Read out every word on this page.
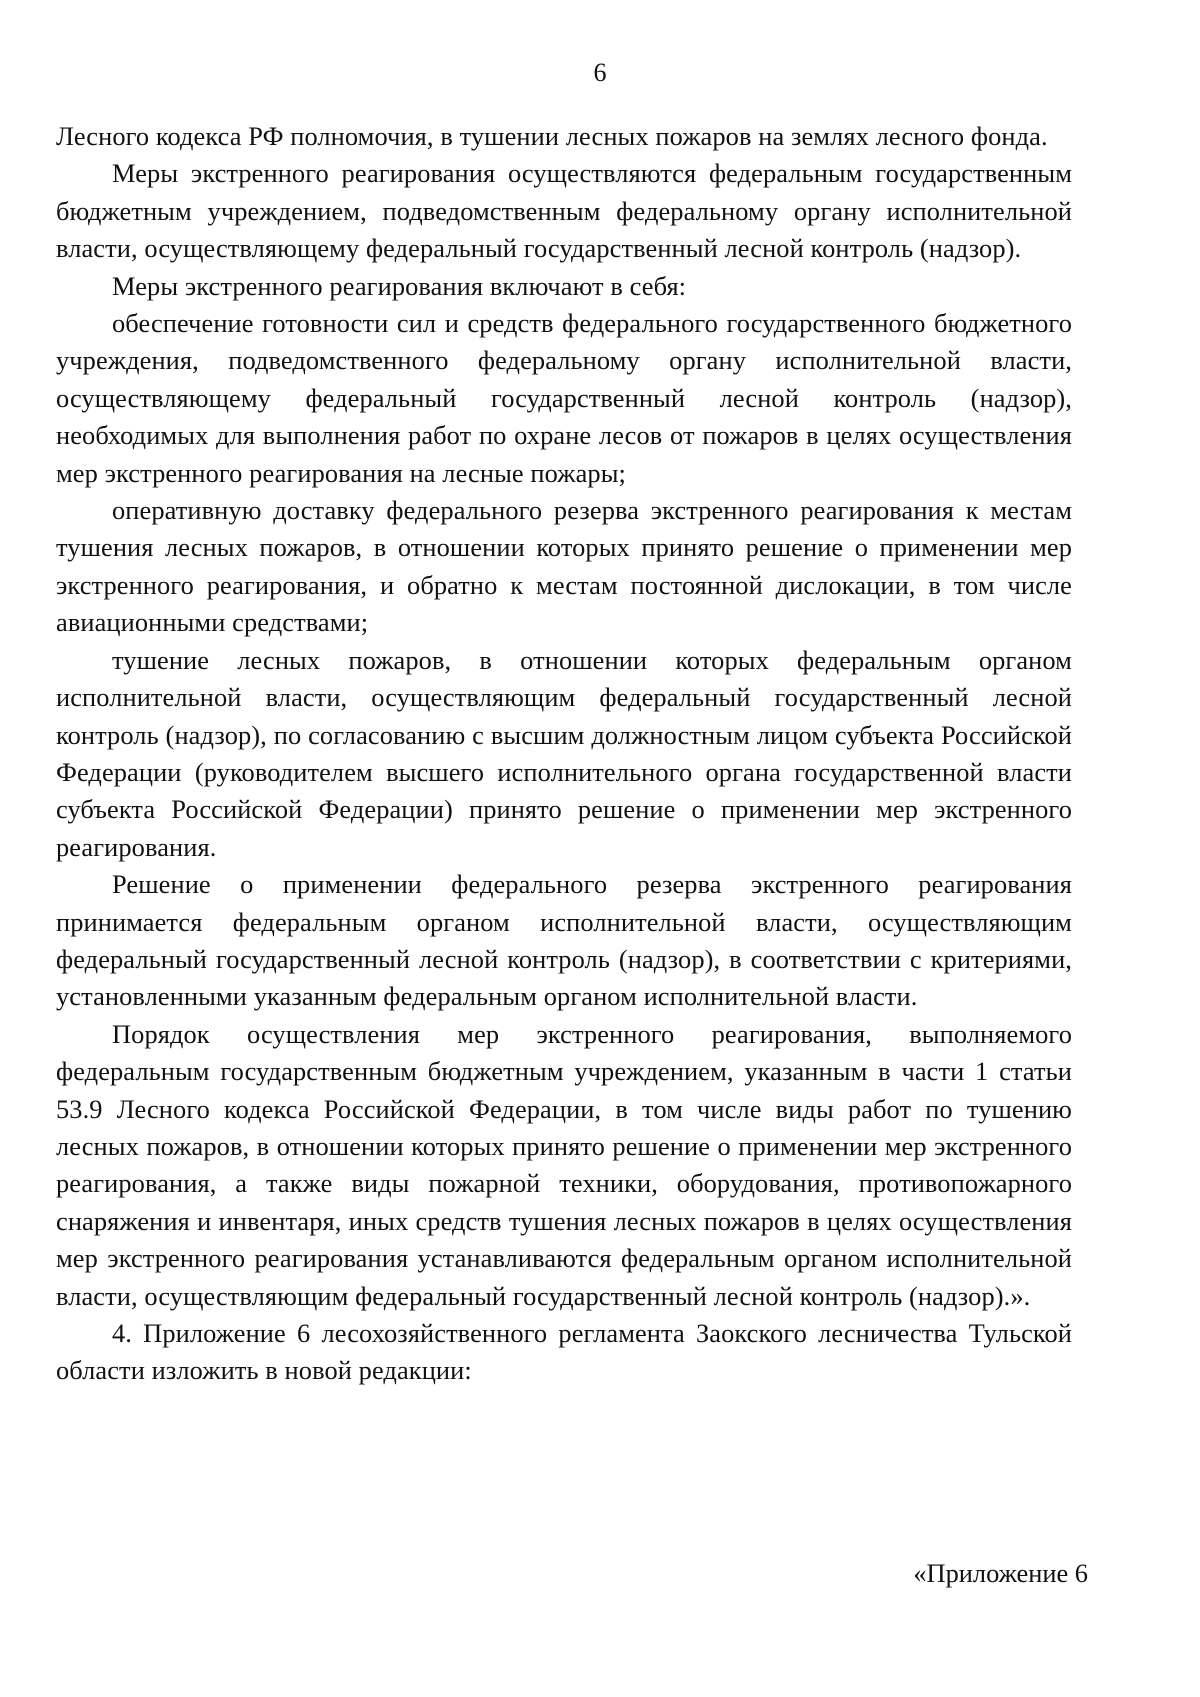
6

Лесного кодекса РФ полномочия, в тушении лесных пожаров на землях лесного фонда.

Меры экстренного реагирования осуществляются федеральным государственным бюджетным учреждением, подведомственным федеральному органу исполнительной власти, осуществляющему федеральный государственный лесной контроль (надзор).

Меры экстренного реагирования включают в себя:

обеспечение готовности сил и средств федерального государственного бюджетного учреждения, подведомственного федеральному органу исполнительной власти, осуществляющему федеральный государственный лесной контроль (надзор), необходимых для выполнения работ по охране лесов от пожаров в целях осуществления мер экстренного реагирования на лесные пожары;

оперативную доставку федерального резерва экстренного реагирования к местам тушения лесных пожаров, в отношении которых принято решение о применении мер экстренного реагирования, и обратно к местам постоянной дислокации, в том числе авиационными средствами;

тушение лесных пожаров, в отношении которых федеральным органом исполнительной власти, осуществляющим федеральный государственный лесной контроль (надзор), по согласованию с высшим должностным лицом субъекта Российской Федерации (руководителем высшего исполнительного органа государственной власти субъекта Российской Федерации) принято решение о применении мер экстренного реагирования.

Решение о применении федерального резерва экстренного реагирования принимается федеральным органом исполнительной власти, осуществляющим федеральный государственный лесной контроль (надзор), в соответствии с критериями, установленными указанным федеральным органом исполнительной власти.

Порядок осуществления мер экстренного реагирования, выполняемого федеральным государственным бюджетным учреждением, указанным в части 1 статьи 53.9 Лесного кодекса Российской Федерации, в том числе виды работ по тушению лесных пожаров, в отношении которых принято решение о применении мер экстренного реагирования, а также виды пожарной техники, оборудования, противопожарного снаряжения и инвентаря, иных средств тушения лесных пожаров в целях осуществления мер экстренного реагирования устанавливаются федеральным органом исполнительной власти, осуществляющим федеральный государственный лесной контроль (надзор).».

4. Приложение 6 лесохозяйственного регламента Заокского лесничества Тульской области изложить в новой редакции:

«Приложение 6
